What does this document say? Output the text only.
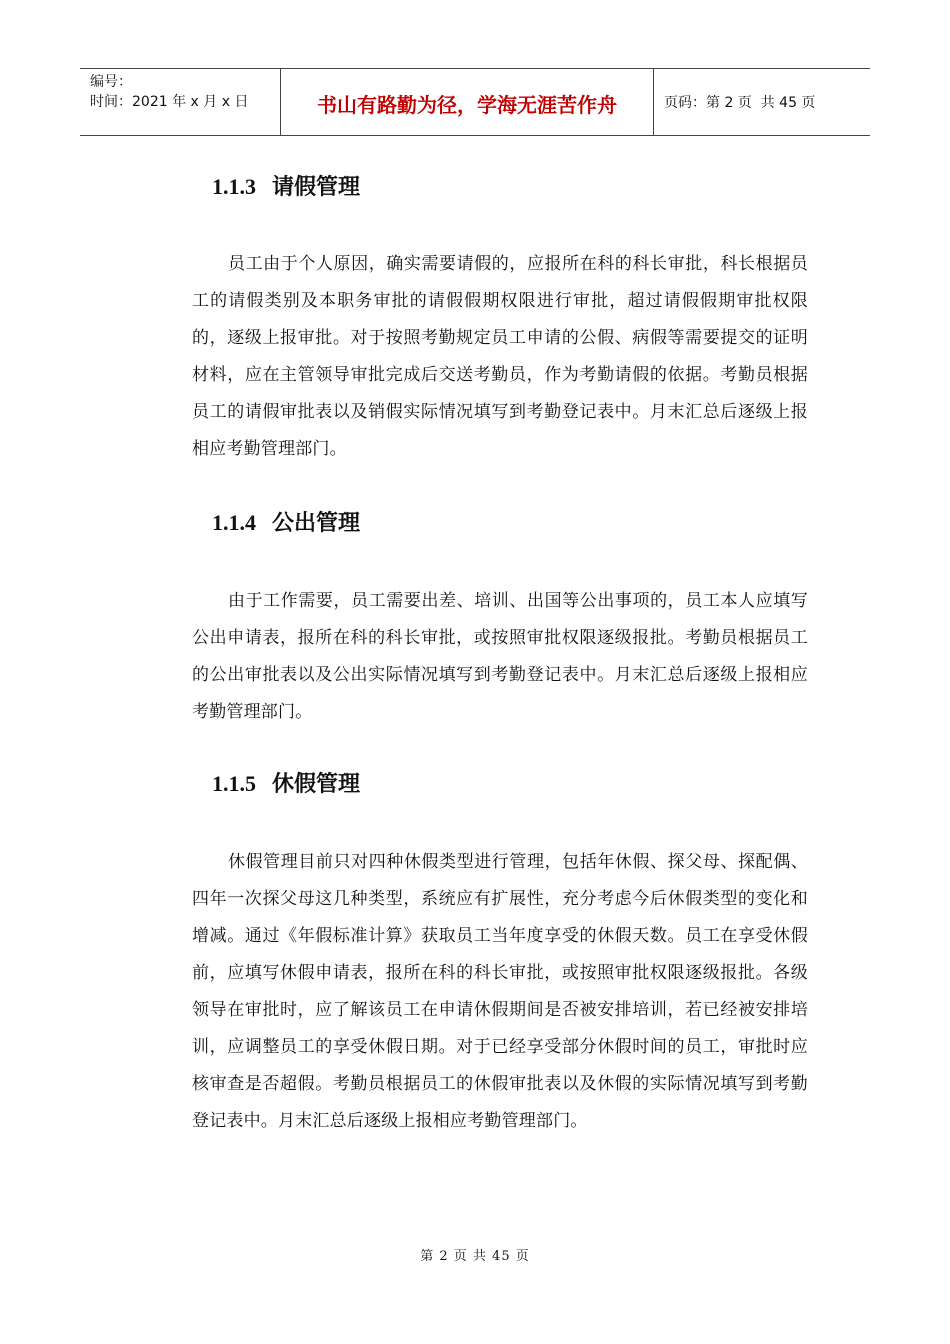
编号：
时间：2021 年 x 月 x 日	书山有路勤为径，学海无涯苦作舟	页码：第 2 页  共 45 页
1.1.3 请假管理

员工由于个人原因，确实需要请假的，应报所在科的科长审批，科长根据员工的请假类别及本职务审批的请假假期权限进行审批，超过请假假期审批权限的，逐级上报审批。对于按照考勤规定员工申请的公假、病假等需要提交的证明材料，应在主管领导审批完成后交送考勤员，作为考勤请假的依据。考勤员根据员工的请假审批表以及销假实际情况填写到考勤登记表中。月末汇总后逐级上报相应考勤管理部门。

1.1.4 公出管理

由于工作需要，员工需要出差、培训、出国等公出事项的，员工本人应填写公出申请表，报所在科的科长审批，或按照审批权限逐级报批。考勤员根据员工的公出审批表以及公出实际情况填写到考勤登记表中。月末汇总后逐级上报相应考勤管理部门。

1.1.5 休假管理

休假管理目前只对四种休假类型进行管理，包括年休假、探父母、探配偶、四年一次探父母这几种类型，系统应有扩展性，充分考虑今后休假类型的变化和增减。通过《年假标准计算》获取员工当年度享受的休假天数。员工在享受休假前，应填写休假申请表，报所在科的科长审批，或按照审批权限逐级报批。各级领导在审批时，应了解该员工在申请休假期间是否被安排培训，若已经被安排培训，应调整员工的享受休假日期。对于已经享受部分休假时间的员工，审批时应核审查是否超假。考勤员根据员工的休假审批表以及休假的实际情况填写到考勤登记表中。月末汇总后逐级上报相应考勤管理部门。

第 2 页 共 45 页
